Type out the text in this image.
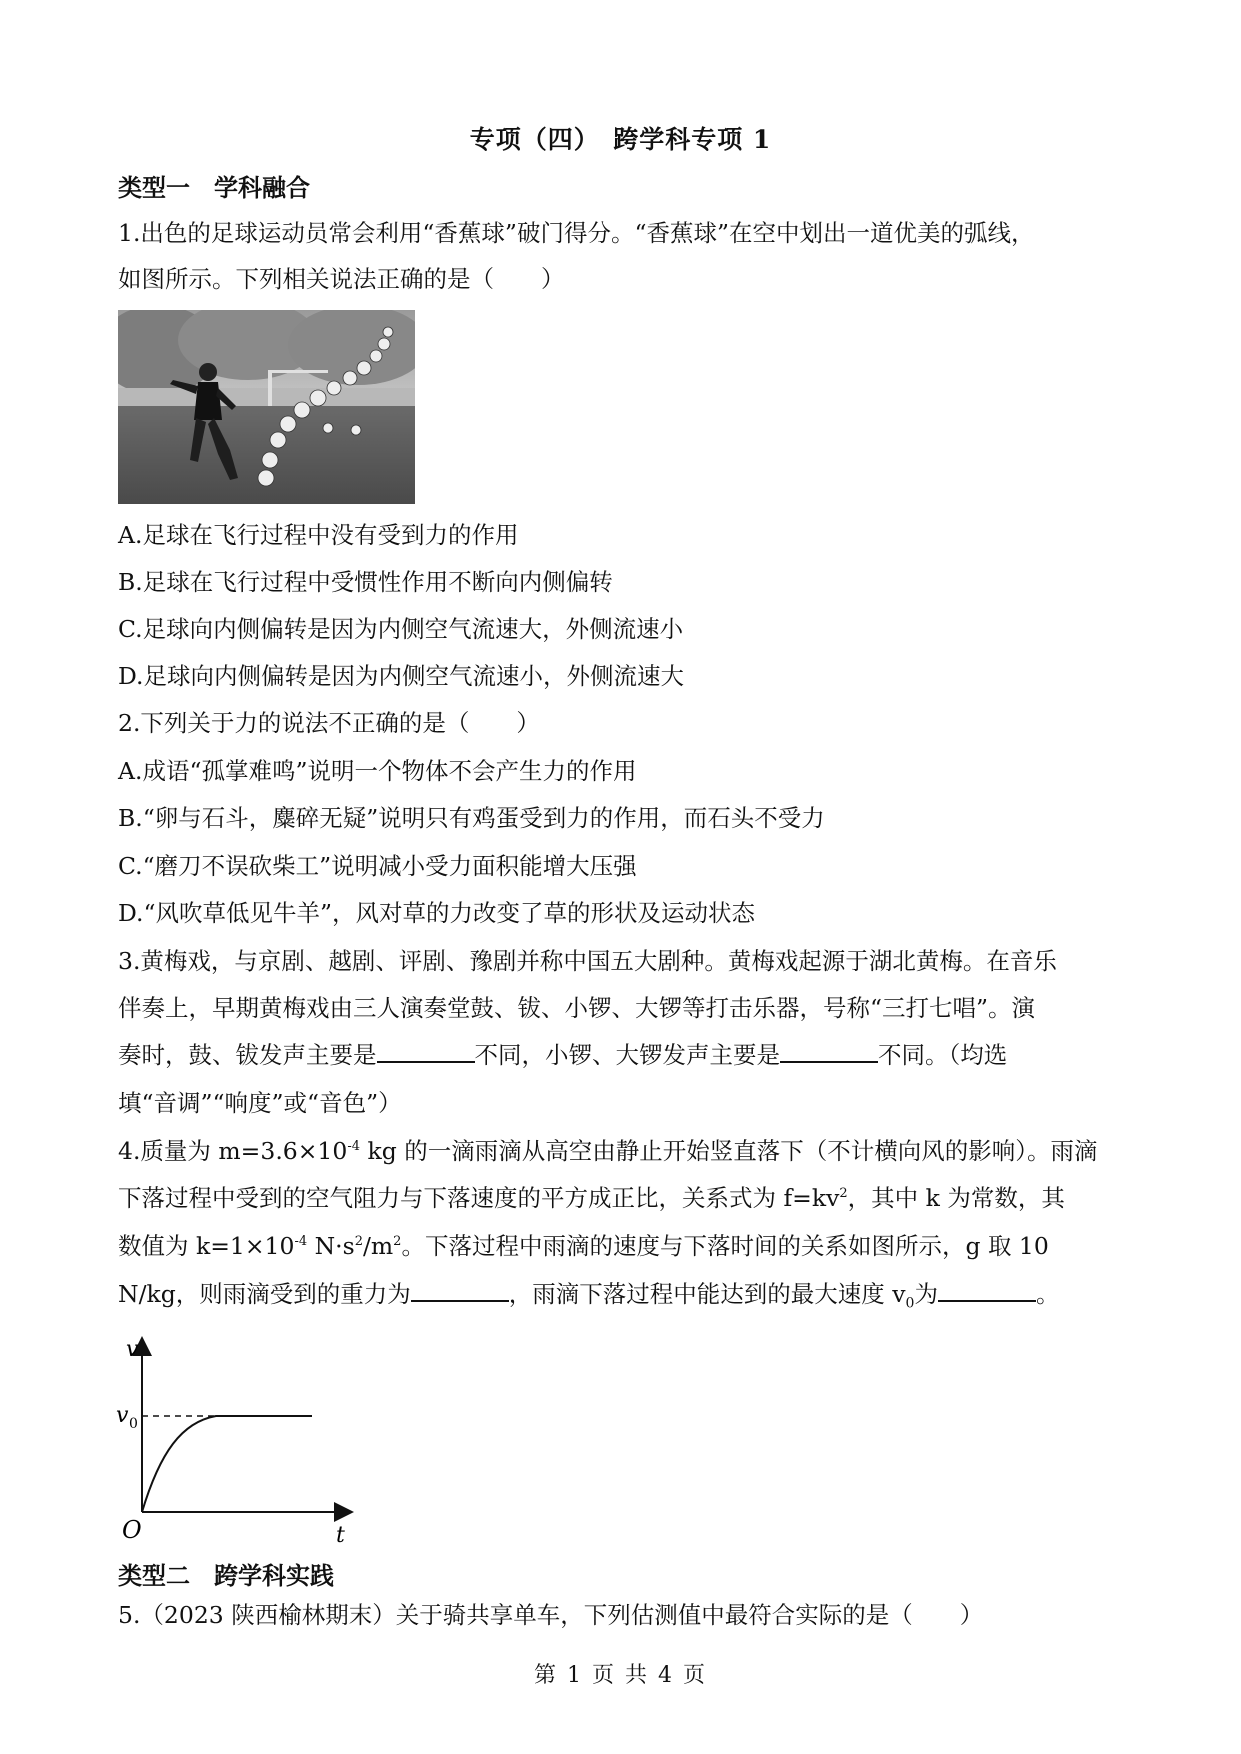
专项（四）　跨学科专项 1
类型一　学科融合
1.出色的足球运动员常会利用“香蕉球”破门得分。“香蕉球”在空中划出一道优美的弧线，
如图所示。下列相关说法正确的是（　　）
A.足球在飞行过程中没有受到力的作用
B.足球在飞行过程中受惯性作用不断向内侧偏转
C.足球向内侧偏转是因为内侧空气流速大，外侧流速小
D.足球向内侧偏转是因为内侧空气流速小，外侧流速大
2.下列关于力的说法不正确的是（　　）
A.成语“孤掌难鸣”说明一个物体不会产生力的作用
B.“卵与石斗，麋碎无疑”说明只有鸡蛋受到力的作用，而石头不受力
C.“磨刀不误砍柴工”说明减小受力面积能增大压强
D.“风吹草低见牛羊”，风对草的力改变了草的形状及运动状态
3.黄梅戏，与京剧、越剧、评剧、豫剧并称中国五大剧种。黄梅戏起源于湖北黄梅。在音乐
伴奏上，早期黄梅戏由三人演奏堂鼓、钹、小锣、大锣等打击乐器，号称“三打七唱”。演
奏时，鼓、钹发声主要是	不同，小锣、大锣发声主要是	不同。（均选
填“音调”“响度”或“音色”）
4.质量为 $m=3.6\times 10^{-4}$ kg 的一滴雨滴从高空由静止开始竖直落下（不计横向风的影响）。雨滴
下落过程中受到的空气阻力与下落速度的平方成正比，关系式为 $f=kv^2$，其中 k 为常数，其
数值为 $k=1\times 10^{-4}$ $N\cdot s^2/m^2$。下落过程中雨滴的速度与下落时间的关系如图所示，g 取 10
N/kg，则雨滴受到的重力为	，雨滴下落过程中能达到的最大速度 $v_0$为	。
v
v 0
O	t
类型二　跨学科实践
5.（2023 陕西榆林期末）关于骑共享单车，下列估测值中最符合实际的是（　　）
第 1 页 共 4 页
